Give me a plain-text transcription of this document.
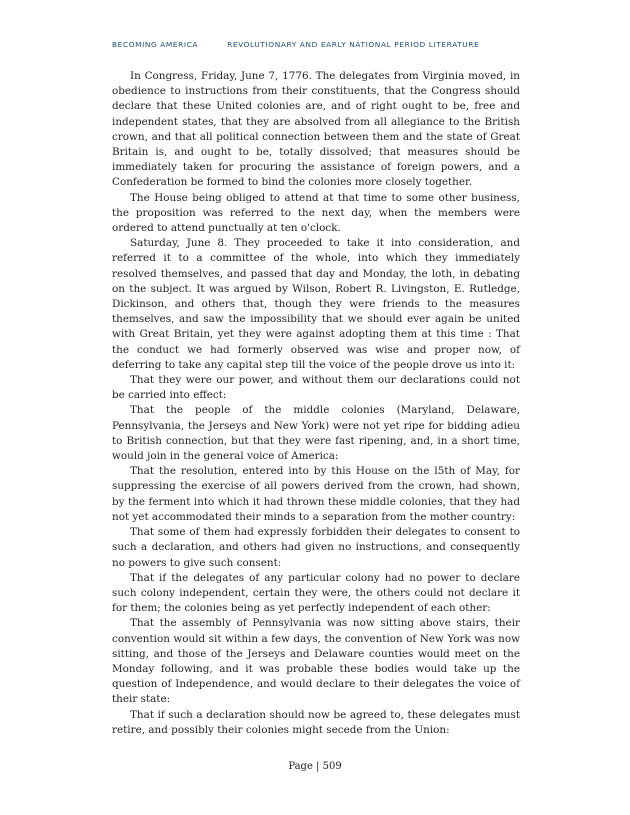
BECOMING AMERICA	REVOLUTIONARY AND EARLY NATIONAL PERIOD LITERATURE

In Congress, Friday, June 7, 1776. The delegates from Virginia moved, in obedience to instructions from their constituents, that the Congress should declare that these United colonies are, and of right ought to be, free and independent states, that they are absolved from all allegiance to the British crown, and that all political connection between them and the state of Great Britain is, and ought to be, totally dissolved; that measures should be immediately taken for procuring the assistance of foreign powers, and a Confederation be formed to bind the colonies more closely together.

The House being obliged to attend at that time to some other business, the proposition was referred to the next day, when the members were ordered to attend punctually at ten o'clock.

Saturday, June 8. They proceeded to take it into consideration, and referred it to a committee of the whole, into which they immediately resolved themselves, and passed that day and Monday, the loth, in debating on the subject. It was argued by Wilson, Robert R. Livingston, E. Rutledge, Dickinson, and others that, though they were friends to the measures themselves, and saw the impossibility that we should ever again be united with Great Britain, yet they were against adopting them at this time : That the conduct we had formerly observed was wise and proper now, of deferring to take any capital step till the voice of the people drove us into it:

That they were our power, and without them our declarations could not be carried into effect:

That the people of the middle colonies (Maryland, Delaware, Pennsylvania, the Jerseys and New York) were not yet ripe for bidding adieu to British connection, but that they were fast ripening, and, in a short time, would join in the general voice of America:

That the resolution, entered into by this House on the l5th of May, for suppressing the exercise of all powers derived from the crown, had shown, by the ferment into which it had thrown these middle colonies, that they had not yet accommodated their minds to a separation from the mother country:

That some of them had expressly forbidden their delegates to consent to such a declaration, and others had given no instructions, and consequently no powers to give such consent:

That if the delegates of any particular colony had no power to declare such colony independent, certain they were, the others could not declare it for them; the colonies being as yet perfectly independent of each other:

That the assembly of Pennsylvania was now sitting above stairs, their convention would sit within a few days, the convention of New York was now sitting, and those of the Jerseys and Delaware counties would meet on the Monday following, and it was probable these bodies would take up the question of Independence, and would declare to their delegates the voice of their state:

That if such a declaration should now be agreed to, these delegates must retire, and possibly their colonies might secede from the Union:

Page | 509
